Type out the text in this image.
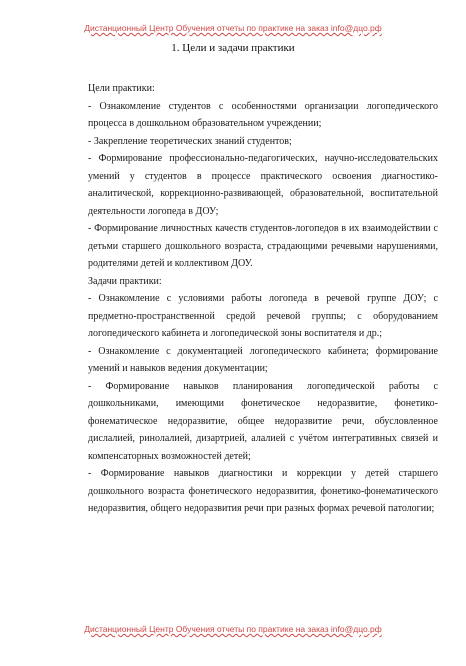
Дистанционный Центр Обучения отчеты по практике на заказ info@дцо.рф
1. Цели и задачи практики

Цели практики:

- Ознакомление студентов с особенностями организации логопедического процесса в дошкольном образовательном учреждении;

- Закрепление теоретических знаний студентов;

- Формирование профессионально-педагогических, научно-исследовательских умений у студентов в процессе практического освоения диагностико-аналитической, коррекционно-развивающей, образовательной, воспитательной деятельности логопеда в ДОУ;

- Формирование личностных качеств студентов-логопедов в их взаимодействии с детьми старшего дошкольного возраста, страдающими речевыми нарушениями, родителями детей и коллективом ДОУ.

Задачи практики:

- Ознакомление с условиями работы логопеда в речевой группе ДОУ; с предметно-пространственной средой речевой группы; с оборудованием логопедического кабинета и логопедической зоны воспитателя и др.;

- Ознакомление с документацией логопедического кабинета; формирование умений и навыков ведения документации;

- Формирование навыков планирования логопедической работы с дошкольниками, имеющими фонетическое недоразвитие, фонетико-фонематическое недоразвитие, общее недоразвитие речи, обусловленное дислалией, ринолалией, дизартрией, алалией с учётом интегративных связей и компенсаторных возможностей детей;

- Формирование навыков диагностики и коррекции у детей старшего дошкольного возраста фонетического недоразвития, фонетико-фонематического недоразвития, общего недоразвития речи при разных формах речевой патологии;

Дистанционный Центр Обучения отчеты по практике на заказ info@дцо.рф
